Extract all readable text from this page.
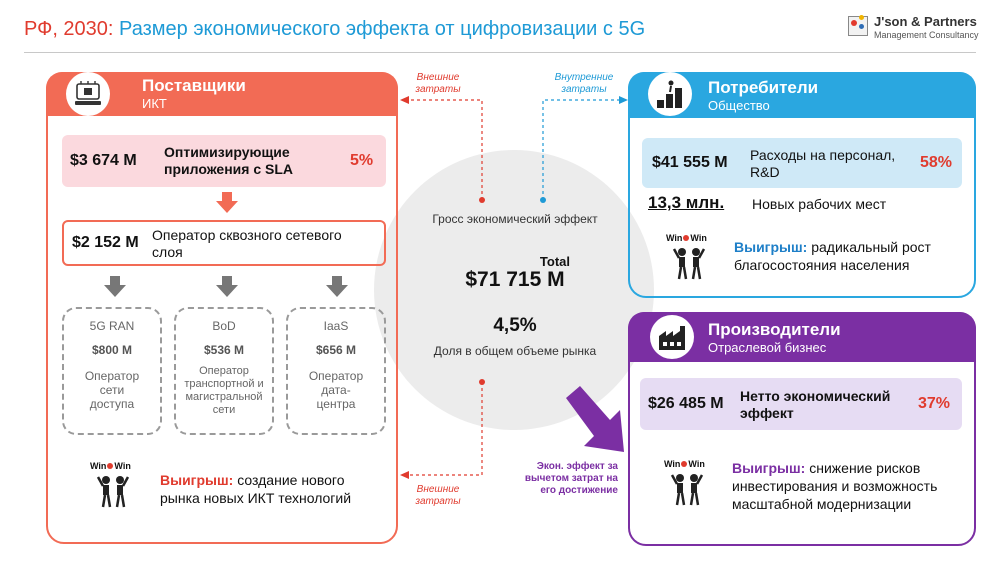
РФ, 2030: Размер экономического эффекта от цифровизации с 5G	J'son & Partners
Management Consultancy
Гросс экономический эффект
Total
$71 715 М
4,5%
Доля в общем объеме рынка
Внешние затраты
Внутренние затраты
Внешние затраты
Экон. эффект за вычетом затрат на его достижение
Поставщики
ИКТ
$3 674 М Оптимизирующие приложения с SLA	5%
$2 152 М Оператор сквозного сетевого слоя
5G RAN
$800 М
Оператор сети доступа
BoD
$536 М
Оператор транспортной и магистральной сети
IaaS
$656 М
Оператор дата-центра
Win Win
Выигрыш: создание нового рынка новых ИКТ технологий
Потребители
Общество
$41 555 М Расходы на персонал, R&D
58%
13,3 млн. Новых рабочих мест
Win Win
Выигрыш: радикальный рост благосостояния населения
Производители
Отраслевой бизнес
$26 485 М Нетто экономический эффект
37%
Win Win Выигрыш: снижение рисков инвестирования и возможность масштабной модернизации
